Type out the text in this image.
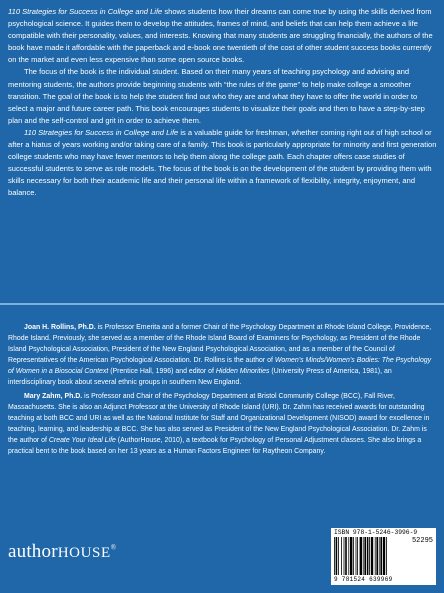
110 Strategies for Success in College and Life shows students how their dreams can come true by using the skills derived from psychological science. It guides them to develop the attitudes, frames of mind, and beliefs that can help them achieve a life compatible with their personality, values, and interests. Knowing that many students are struggling financially, the authors of the book have made it affordable with the paperback and e-book one twentieth of the cost of other student success books currently on the market and even less expensive than some open source books.

The focus of the book is the individual student. Based on their many years of teaching psychology and advising and mentoring students, the authors provide beginning students with “the rules of the game” to help make college a smoother transition. The goal of the book is to help the student find out who they are and what they have to offer the world in order to select a major and future career path. This book encourages students to visualize their goals and then to have a step-by-step plan and the self-control and grit in order to achieve them.

110 Strategies for Success in College and Life is a valuable guide for freshman, whether coming right out of high school or after a hiatus of years working and/or taking care of a family. This book is particularly appropriate for minority and first generation college students who may have fewer mentors to help them along the college path. Each chapter offers case studies of successful students to serve as role models. The focus of the book is on the development of the student by providing them with skills necessary for both their academic life and their personal life within a framework of flexibility, integrity, enjoyment, and balance.

Joan H. Rollins, Ph.D. is Professor Emerita and a former Chair of the Psychology Department at Rhode Island College, Providence, Rhode Island. Previously, she served as a member of the Rhode Island Board of Examiners for Psychology, as President of the Rhode Island Psychological Association, President of the New England Psychological Association, and as a member of the Council of Representatives of the American Psychological Association. Dr. Rollins is the author of Women’s Minds/Women’s Bodies: The Psychology of Women in a Biosocial Context (Prentice Hall, 1996) and editor of Hidden Minorities (University Press of America, 1981), an interdisciplinary book about several ethnic groups in southern New England.

Mary Zahm, Ph.D. is Professor and Chair of the Psychology Department at Bristol Community College (BCC), Fall River, Massachusetts. She is also an Adjunct Professor at the University of Rhode Island (URI). Dr. Zahm has received awards for outstanding teaching at both BCC and URI as well as the National Institute for Staff and Organizational Development (NISOD) award for excellence in teaching, learning, and leadership at BCC. She has also served as President of the New England Psychological Association. Dr. Zahm is the author of Create Your Ideal Life (AuthorHouse, 2010), a textbook for Psychology of Personal Adjustment classes. She also brings a practical bent to the book based on her 13 years as a Human Factors Engineer for Raytheon Company.

authorHOUSE®
ISBN 978-1-5246-3996-9
52295
9 781524 639969
